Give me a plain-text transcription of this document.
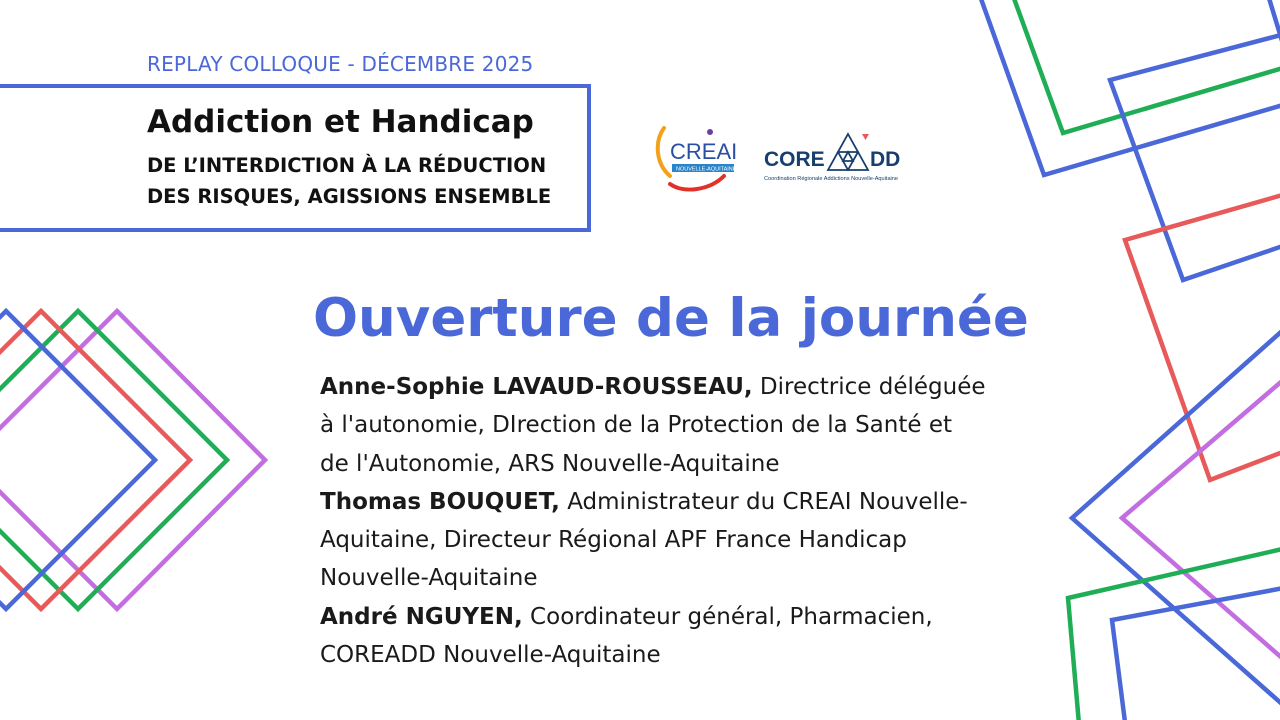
REPLAY COLLOQUE - DÉCEMBRE 2025
Addiction et Handicap
DE L’INTERDICTION À LA RÉDUCTION
DES RISQUES, AGISSIONS ENSEMBLE
CREAI
NOUVELLE-AQUITAINE CORE DD
Coordination Régionale Addictions Nouvelle-Aquitaine
Ouverture de la journée

Anne-Sophie LAVAUD-ROUSSEAU, Directrice déléguée
à l'autonomie, DIrection de la Protection de la Santé et
de l'Autonomie, ARS Nouvelle-Aquitaine

Thomas BOUQUET, Administrateur du CREAI Nouvelle-
Aquitaine, Directeur Régional APF France Handicap
Nouvelle-Aquitaine

André NGUYEN, Coordinateur général, Pharmacien,
COREADD Nouvelle-Aquitaine
